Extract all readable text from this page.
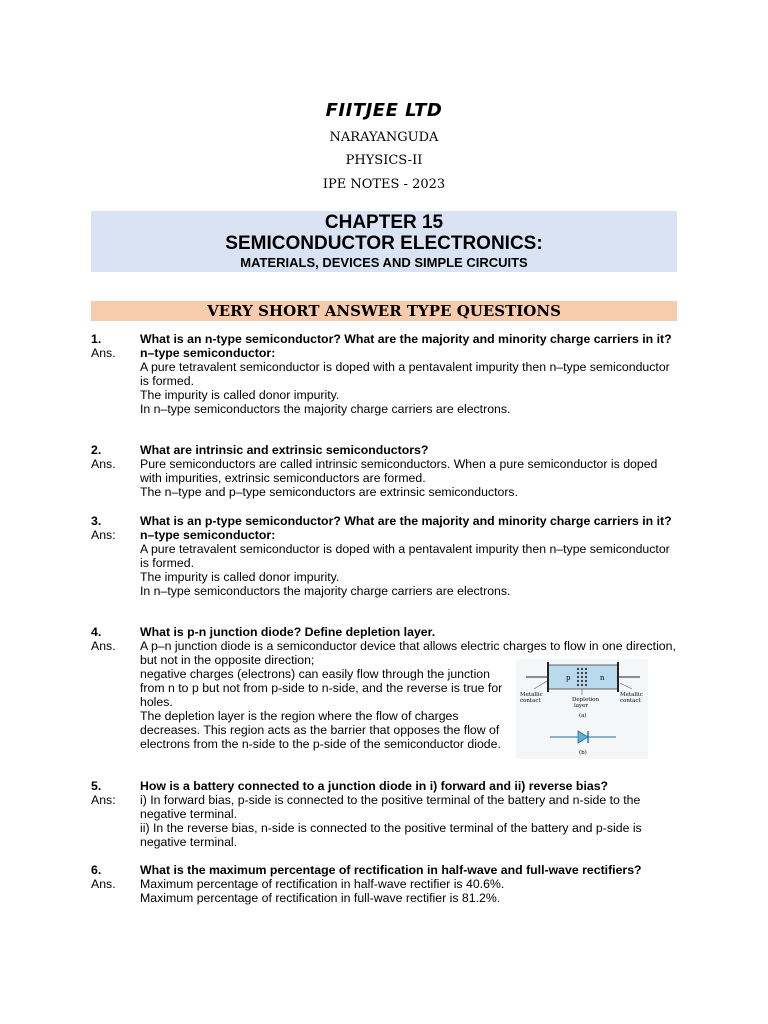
FIITJEE LTD
NARAYANGUDA
PHYSICS-II
IPE NOTES - 2023
CHAPTER 15
SEMICONDUCTOR ELECTRONICS:
MATERIALS, DEVICES AND SIMPLE CIRCUITS
VERY SHORT ANSWER TYPE QUESTIONS
1.	What is an n-type semiconductor? What are the majority and minority charge carriers in it?
Ans.	n–type semiconductor:
A pure tetravalent semiconductor is doped with a pentavalent impurity then n–type semiconductor is formed.
The impurity is called donor impurity.
In n–type semiconductors the majority charge carriers are electrons.
2.	What are intrinsic and extrinsic semiconductors?
Ans.	Pure semiconductors are called intrinsic semiconductors. When a pure semiconductor is doped with impurities, extrinsic semiconductors are formed.
The n–type and p–type semiconductors are extrinsic semiconductors.
3.	What is an p-type semiconductor? What are the majority and minority charge carriers in it?
Ans:	n–type semiconductor:
A pure tetravalent semiconductor is doped with a pentavalent impurity then n–type semiconductor is formed.
The impurity is called donor impurity.
In n–type semiconductors the majority charge carriers are electrons.
4.	What is p-n junction diode? Define depletion layer.
Ans.	A p–n junction diode is a semiconductor device that allows electric charges to flow in one direction, but not in the opposite direction;
negative charges (electrons) can easily flow through the junction from n to p but not from p-side to n-side, and the reverse is true for holes.
The depletion layer is the region where the flow of charges decreases. This region acts as the barrier that opposes the flow of electrons from the n-side to the p-side of the semiconductor diode.
p	n
Metallic
contact	Depletion
layer
Metallic
contact
(a)
(b)
5.	How is a battery connected to a junction diode in i) forward and ii) reverse bias?
Ans:	i) In forward bias, p-side is connected to the positive terminal of the battery and n-side to the negative terminal.
ii) In the reverse bias, n-side is connected to the positive terminal of the battery and p-side is negative terminal.
6.	What is the maximum percentage of rectification in half-wave and full-wave rectifiers?
Ans.	Maximum percentage of rectification in half-wave rectifier is 40.6%.
Maximum percentage of rectification in full-wave rectifier is 81.2%.
